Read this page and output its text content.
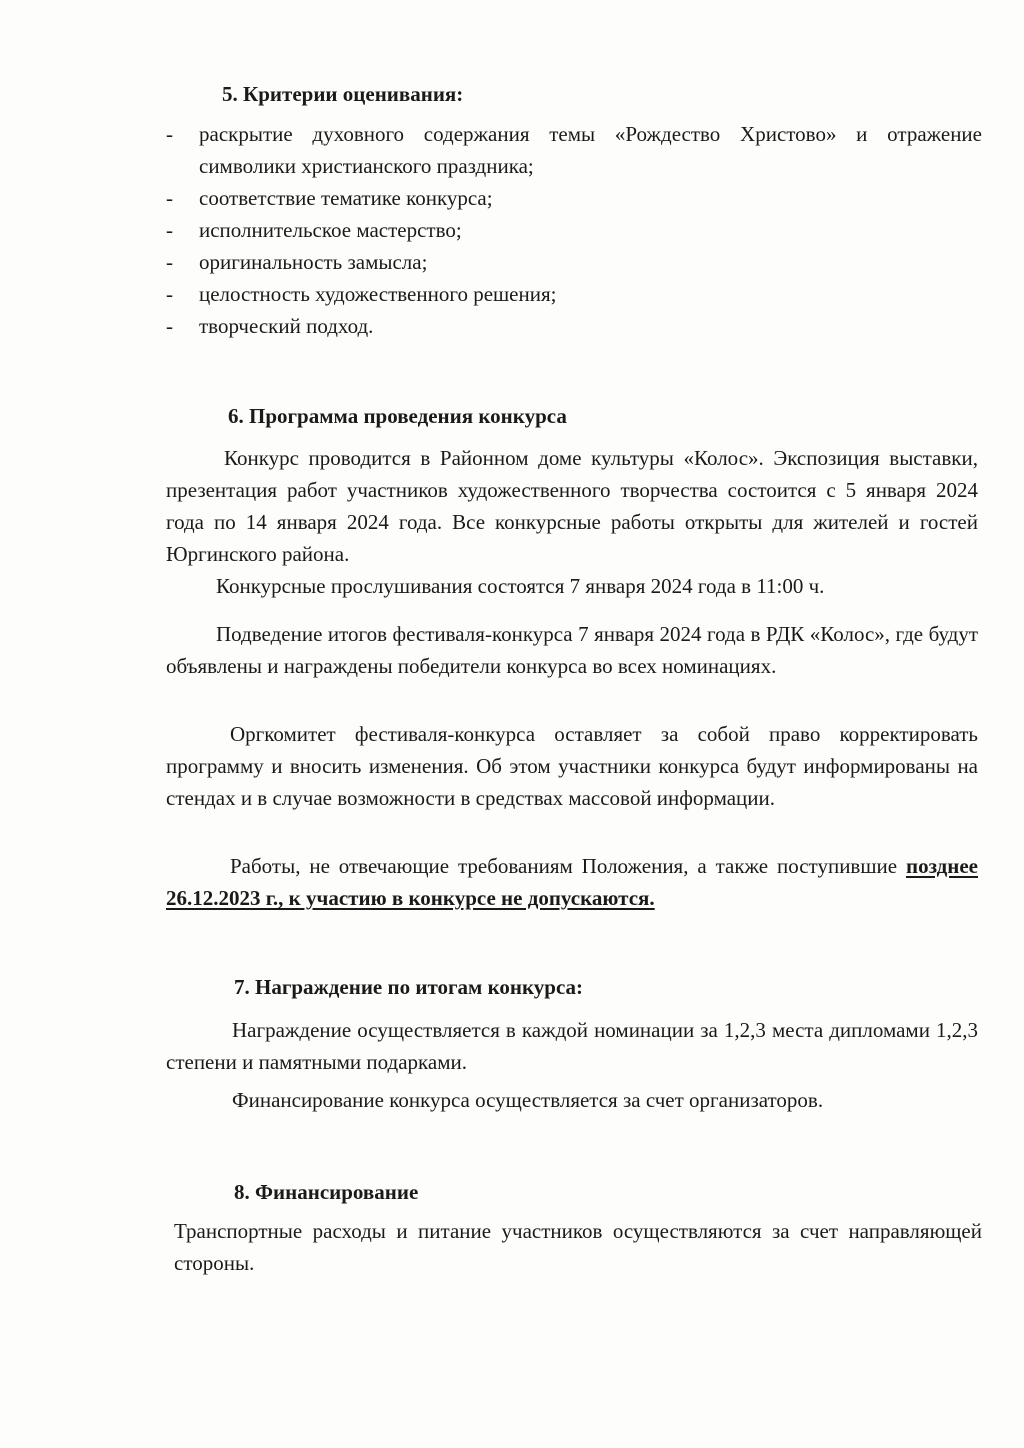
5. Критерии оценивания:
- раскрытие духовного содержания темы «Рождество Христово» и отражение символики христианского праздника;
- соответствие тематике конкурса;
- исполнительское мастерство;
- оригинальность замысла;
- целостность художественного решения;
- творческий подход.
6. Программа проведения конкурса

Конкурс проводится в Районном доме культуры «Колос». Экспозиция выставки, презентация работ участников художественного творчества состоится с 5 января 2024 года по 14 января 2024 года. Все конкурсные работы открыты для жителей и гостей Юргинского района.

Конкурсные прослушивания состоятся 7 января 2024 года в 11:00 ч.

Подведение итогов фестиваля-конкурса 7 января 2024 года в РДК «Колос», где будут объявлены и награждены победители конкурса во всех номинациях.

Оргкомитет фестиваля-конкурса оставляет за собой право корректировать программу и вносить изменения. Об этом участники конкурса будут информированы на стендах и в случае возможности в средствах массовой информации.

Работы, не отвечающие требованиям Положения, а также поступившие позднее 26.12.2023 г., к участию в конкурсе не допускаются.

7. Награждение по итогам конкурса:

Награждение осуществляется в каждой номинации за 1,2,3 места дипломами 1,2,3 степени и памятными подарками.

Финансирование конкурса осуществляется за счет организаторов.

8. Финансирование

Транспортные расходы и питание участников осуществляются за счет направляющей стороны.
